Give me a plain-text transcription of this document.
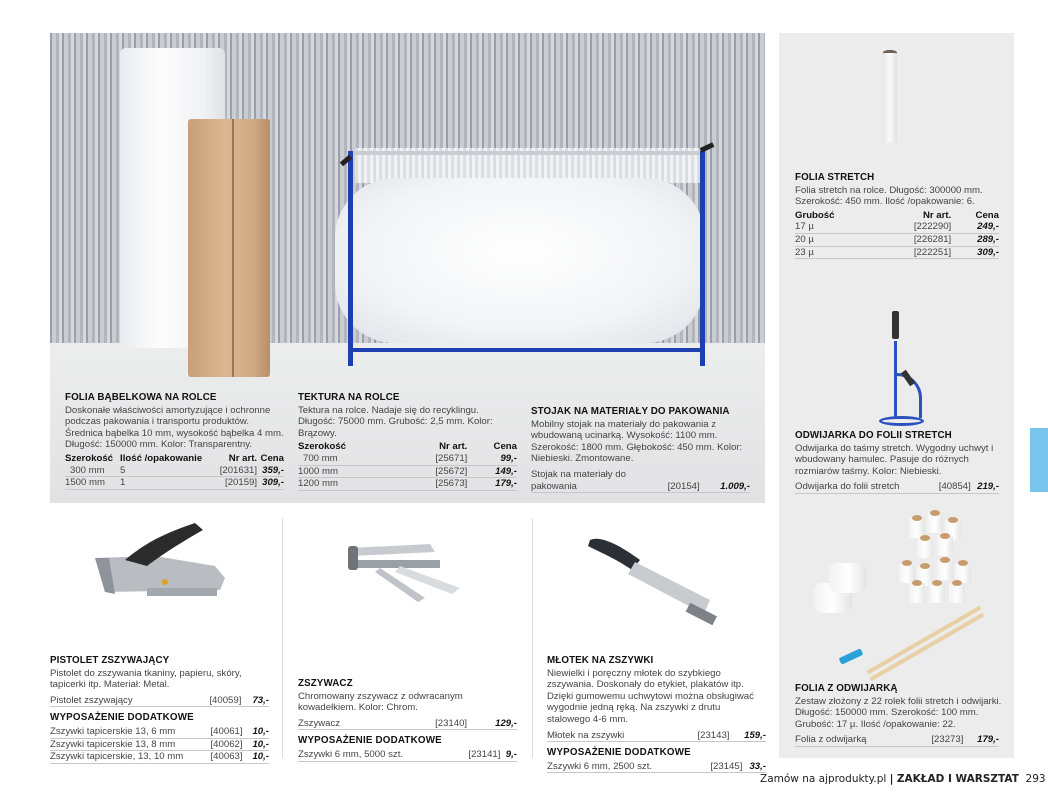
FOLIA BĄBELKOWA NA ROLCE
Doskonałe właściwości amortyzujące i ochronne podczas pakowania i transportu produktów. Średnica bąbelka 10 mm, wysokość bąbelka 4 mm. Długość: 150000 mm. Kolor: Transparentny.
Szerokość	Ilość /opakowanie	Nr art.	Cena
300 mm	5	[201631]	359,-
1500 mm	1	[20159]	309,-
TEKTURA NA ROLCE
Tektura na rolce. Nadaje się do recyklingu. Długość: 75000 mm. Grubość: 2,5 mm. Kolor: Brązowy.
Szerokość	Nr art.	Cena
700 mm	[25671]	99,-
1000 mm	[25672]	149,-
1200 mm	[25673]	179,-
STOJAK NA MATERIAŁY DO PAKOWANIA
Mobilny stojak na materiały do pakowania z wbudowaną ucinarką. Wysokość: 1100 mm. Szerokość: 1800 mm. Głębokość: 450 mm. Kolor: Niebieski. Zmontowane.
Stojak na materiały do		
pakowania	[20154]	1.009,-
FOLIA STRETCH
Folia stretch na rolce. Długość: 300000 mm. Szerokość: 450 mm. Ilość /opakowanie: 6.
Grubość	Nr art.	Cena
17 µ	[222290]	249,-
20 µ	[226281]	289,-
23 µ	[222251]	309,-
ODWIJARKA DO FOLII STRETCH
Odwijarka do taśmy stretch. Wygodny uchwyt i wbudowany hamulec. Pasuje do różnych rozmiarów taśmy. Kolor: Niebieski.
Odwijarka do folii stretch	[40854]	219,-
FOLIA Z ODWIJARKĄ
Zestaw złożony z 22 rolek folii stretch i odwijarki. Długość: 150000 mm. Szerokość: 100 mm. Grubość: 17 µ. Ilość /opakowanie: 22.
Folia z odwijarką	[23273]	179,-
PISTOLET ZSZYWAJĄCY
Pistolet do zszywania tkaniny, papieru, skóry, tapicerki itp. Materiał: Metal.
Pistolet zszywający	[40059]	73,-
WYPOSAŻENIE DODATKOWE
Zszywki tapicerskie 13, 6 mm	[40061]	10,-
Zszywki tapicerskie 13, 8 mm	[40062]	10,-
Zszywki tapicerskie, 13, 10 mm	[40063]	10,-
ZSZYWACZ
Chromowany zszywacz z odwracanym kowadełkiem. Kolor: Chrom.
Zszywacz	[23140]	129,-
WYPOSAŻENIE DODATKOWE
Zszywki 6 mm, 5000 szt.	[23141]	9,-
MŁOTEK NA ZSZYWKI
Niewielki i poręczny młotek do szybkiego zszywania. Doskonały do etykiet, plakatów itp. Dzięki gumowemu uchwytowi można obsługiwać wygodnie jedną ręką. Na zszywki z drutu stalowego 4-6 mm.
Młotek na zszywki	[23143]	159,-
WYPOSAŻENIE DODATKOWE
Zszywki 6 mm, 2500 szt.	[23145]	33,-
Zamów na ajprodukty.pl | ZAKŁAD I WARSZTAT 293
